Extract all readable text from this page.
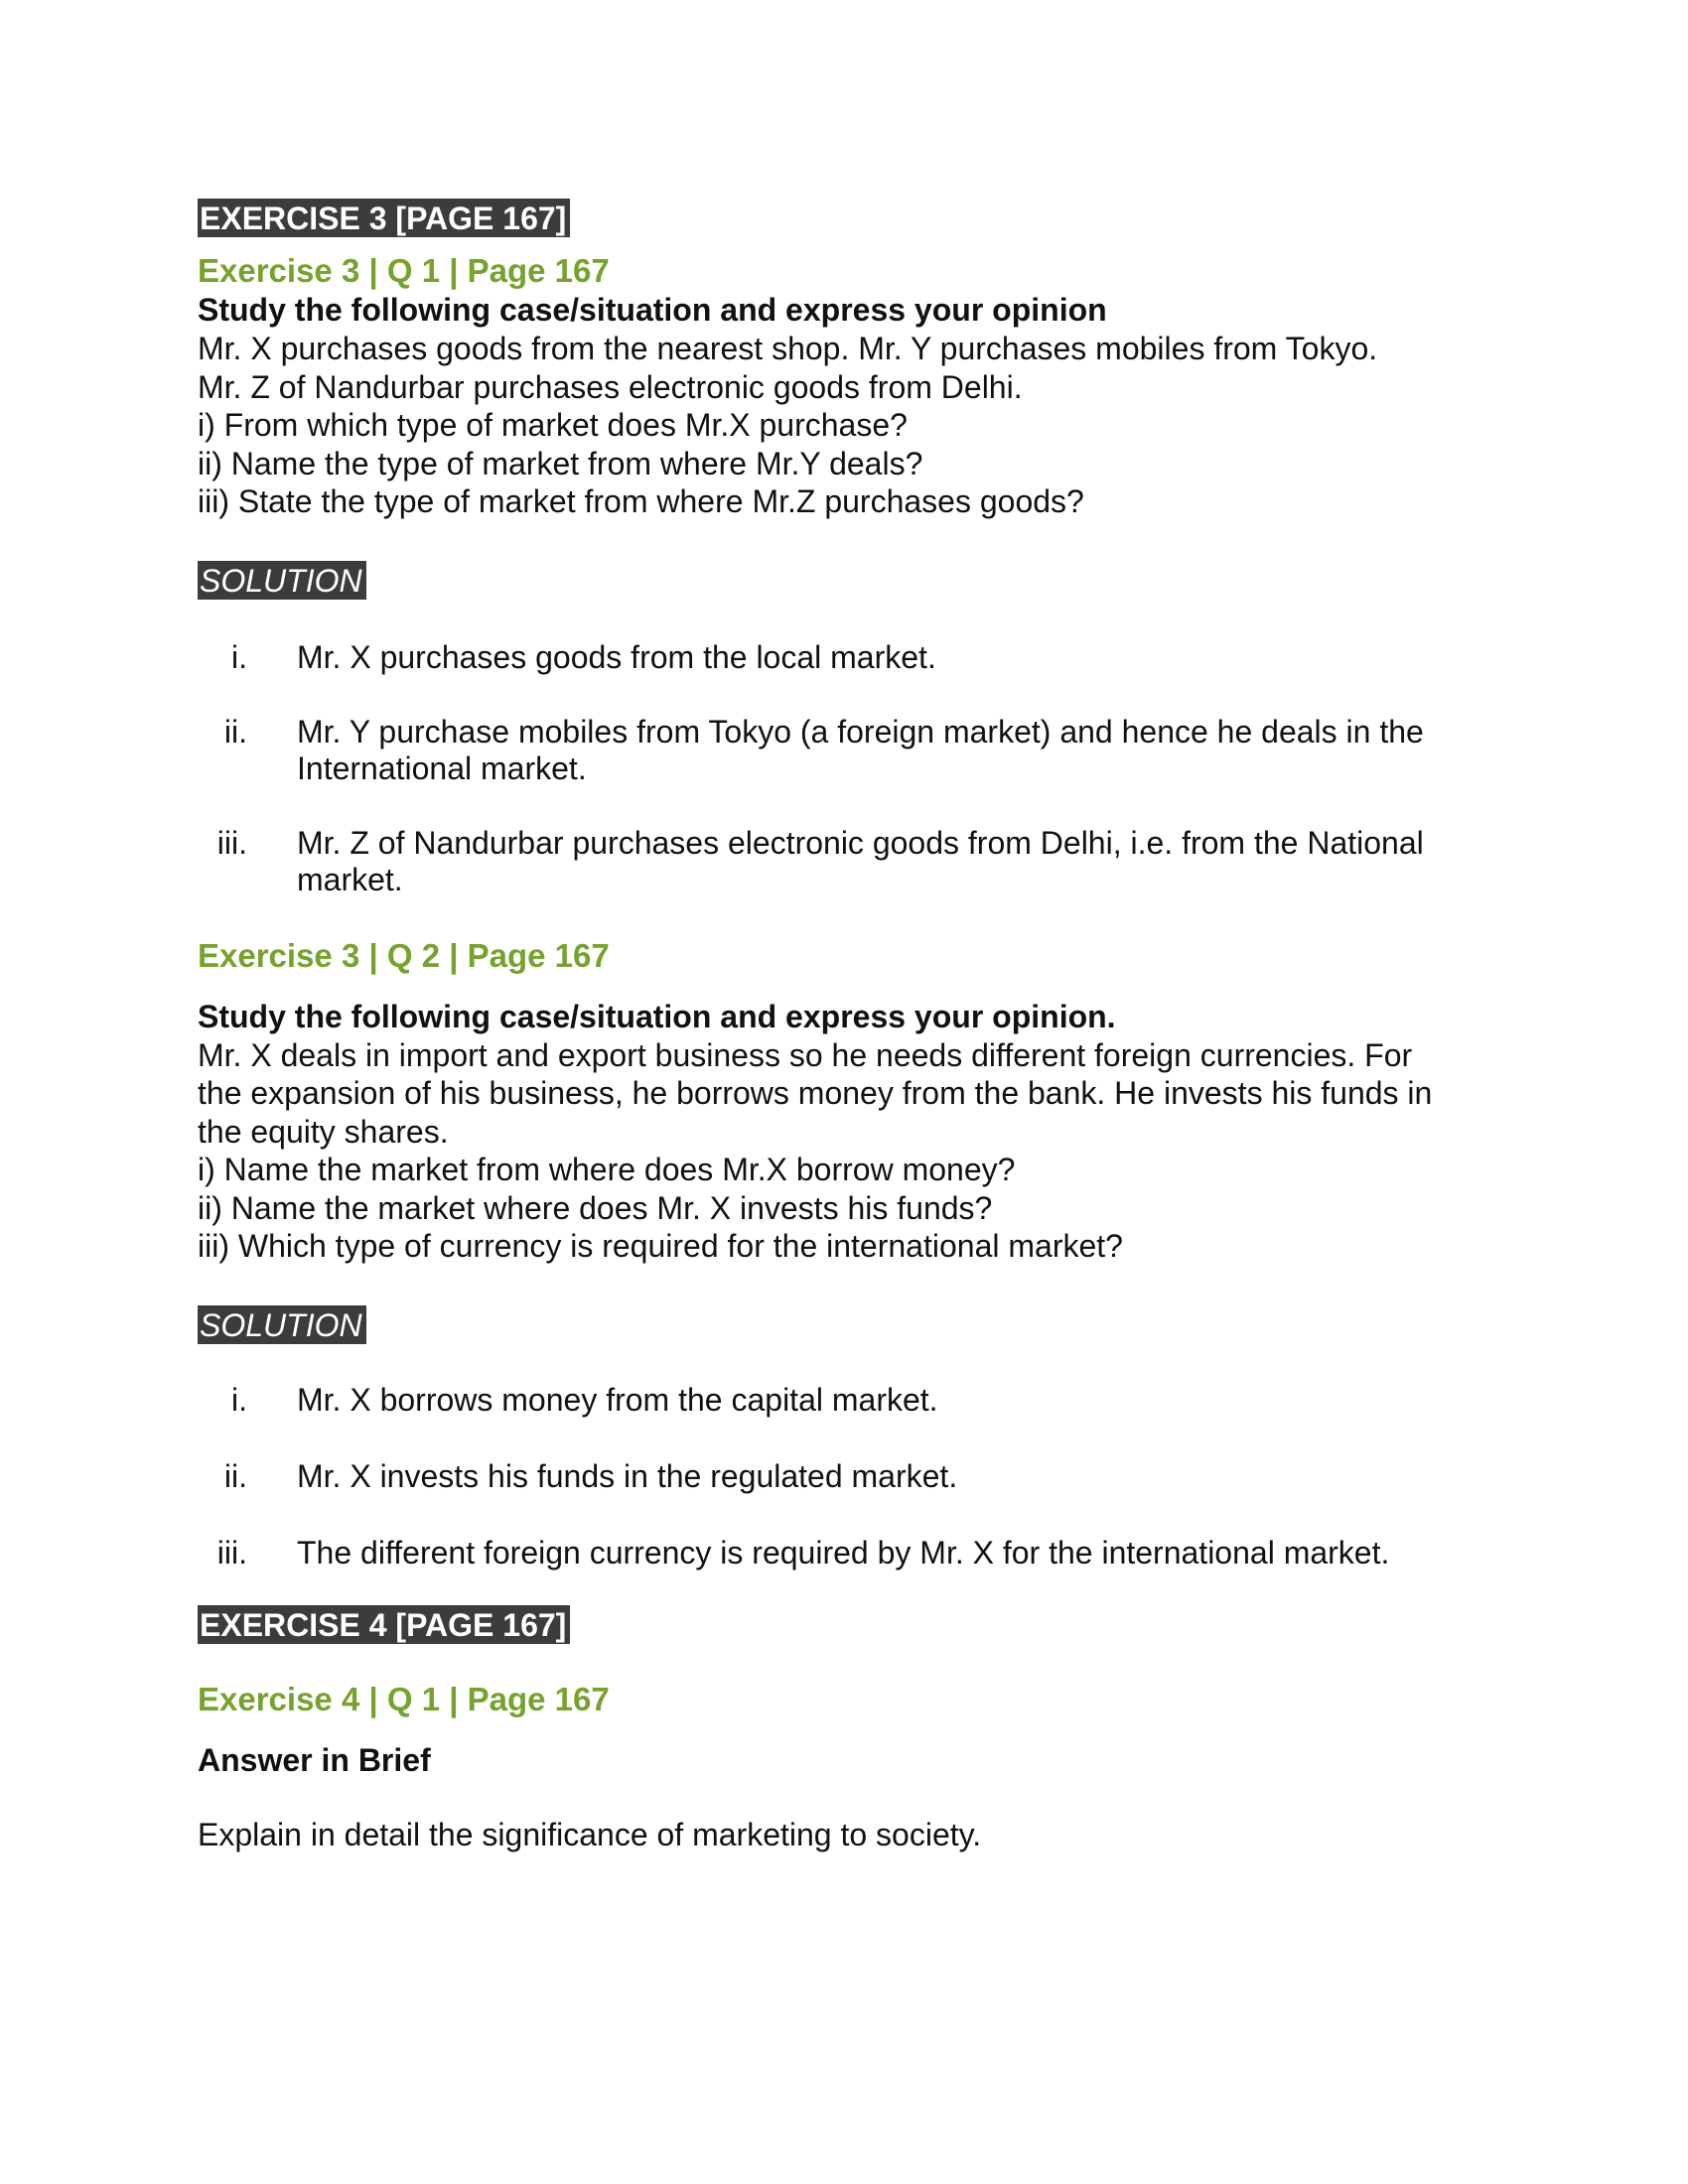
EXERCISE 3 [PAGE 167]
Exercise 3 | Q 1 | Page 167
Study the following case/situation and express your opinion
Mr. X purchases goods from the nearest shop. Mr. Y purchases mobiles from Tokyo.
Mr. Z of Nandurbar purchases electronic goods from Delhi.
i) From which type of market does Mr.X purchase?
ii) Name the type of market from where Mr.Y deals?
iii) State the type of market from where Mr.Z purchases goods?
SOLUTION
i.	Mr. X purchases goods from the local market.
ii.	Mr. Y purchase mobiles from Tokyo (a foreign market) and hence he deals in the International market.
iii.	Mr. Z of Nandurbar purchases electronic goods from Delhi, i.e. from the National market.
Exercise 3 | Q 2 | Page 167
Study the following case/situation and express your opinion.
Mr. X deals in import and export business so he needs different foreign currencies. For
the expansion of his business, he borrows money from the bank. He invests his funds in
the equity shares.
i) Name the market from where does Mr.X borrow money?
ii) Name the market where does Mr. X invests his funds?
iii) Which type of currency is required for the international market?
SOLUTION
i.	Mr. X borrows money from the capital market.
ii.	Mr. X invests his funds in the regulated market.
iii.	The different foreign currency is required by Mr. X for the international market.
EXERCISE 4 [PAGE 167]
Exercise 4 | Q 1 | Page 167
Answer in Brief
Explain in detail the significance of marketing to society.
